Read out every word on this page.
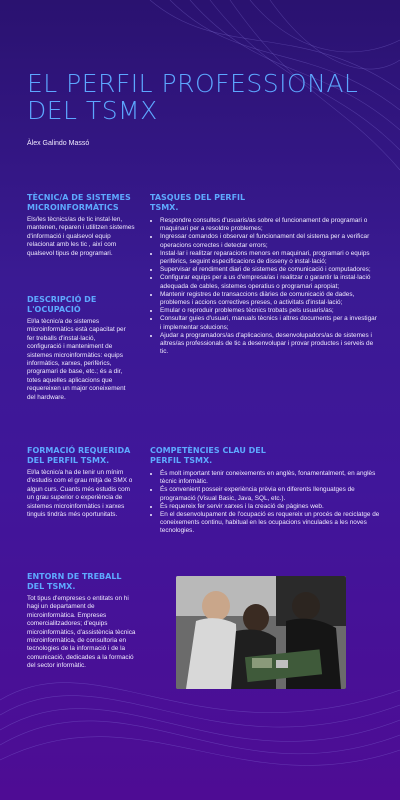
EL PERFIL PROFESSIONAL DEL TSMX
Àlex Galindo Massó
TÈCNIC/A DE SISTEMES MICROINFORMÀTICS

Els/les tècnics/as de tic instal·len, mantenen, reparen i utilitzen sistemes d'informació i qualsevol equip relacionat amb les tic , així com qualsevol tipus de programari.

TASQUES DEL PERFIL TSMX.
• Respondre consultes d'usuaris/as sobre el funcionament de programari o maquinari per a resoldre problemes;
• Ingressar comandos i observar el funcionament del sistema per a verificar operacions correctes i detectar errors;
• Instal·lar i realitzar reparacions menors en maquinari, programari o equips perifèrics, seguint especificacions de disseny o instal·lació;
• Supervisar el rendiment diari de sistemes de comunicació i computadores;
• Configurar equips per a us d'empresa/as i realitzar o garantir la instal·lació adequada de cables, sistemes operatius o programari apropiat;
• Mantenir registres de transaccions diàries de comunicació de dades, problemes i accions correctives preses, o activitats d'instal·lació;
• Emular o reproduir problemes tècnics trobats pels usuaris/as;
• Consultar guies d'usuari, manuals tècnics i altres documents per a investigar i implementar solucions;
• Ajudar a programadors/as d'aplicacions, desenvolupadors/as de sistemes i altres/as professionals de tic a desenvolupar i provar productes i serveis de tic.
DESCRIPCIÓ DE L'OCUPACIÓ

El/la tècnic/a de sistemes microinformàtics està capacitat per fer treballs d'instal·lació, configuració i manteniment de sistemes microinformàtics: equips informàtics, xarxes, perifèrics, programari de base, etc.; és a dir, totes aquelles aplicacions que requereixen un major coneixement del hardware.

FORMACIÓ REQUERIDA DEL PERFIL TSMX.

El/la tècnic/a ha de tenir un mínim d'estudis com el grau mitjà de SMX o algun curs. Cuants més estudis com un grau superior o experiència de sistemes microinformàtics i xarxes tinguis tindràs més oportunitats.

COMPETÈNCIES CLAU DEL PERFIL TSMX.
• És molt important tenir coneixements en anglès, fonamentalment, en anglès tècnic informàtic.
• És convenient posseir experiència prèvia en diferents llenguatges de programació (Visual Basic, Java, SQL, etc.).
• És requereix fer servir xarxes i la creació de pàgines web.
• En el desenvolupament de l'ocupació es requereix un procés de reciclatge de coneixements continu, habitual en les ocupacions vinculades a les noves tecnologies.
ENTORN DE TREBALL DEL TSMX.

Tot tipus d'empreses o entitats on hi hagi un departament de microinformàtica. Empreses comercialitzadores; d'equips microinformàtics, d'assistència tècnica microinformàtica, de consultoria en tecnologies de la informació i de la comunicació, dedicades a la formació del sector informàtic.
